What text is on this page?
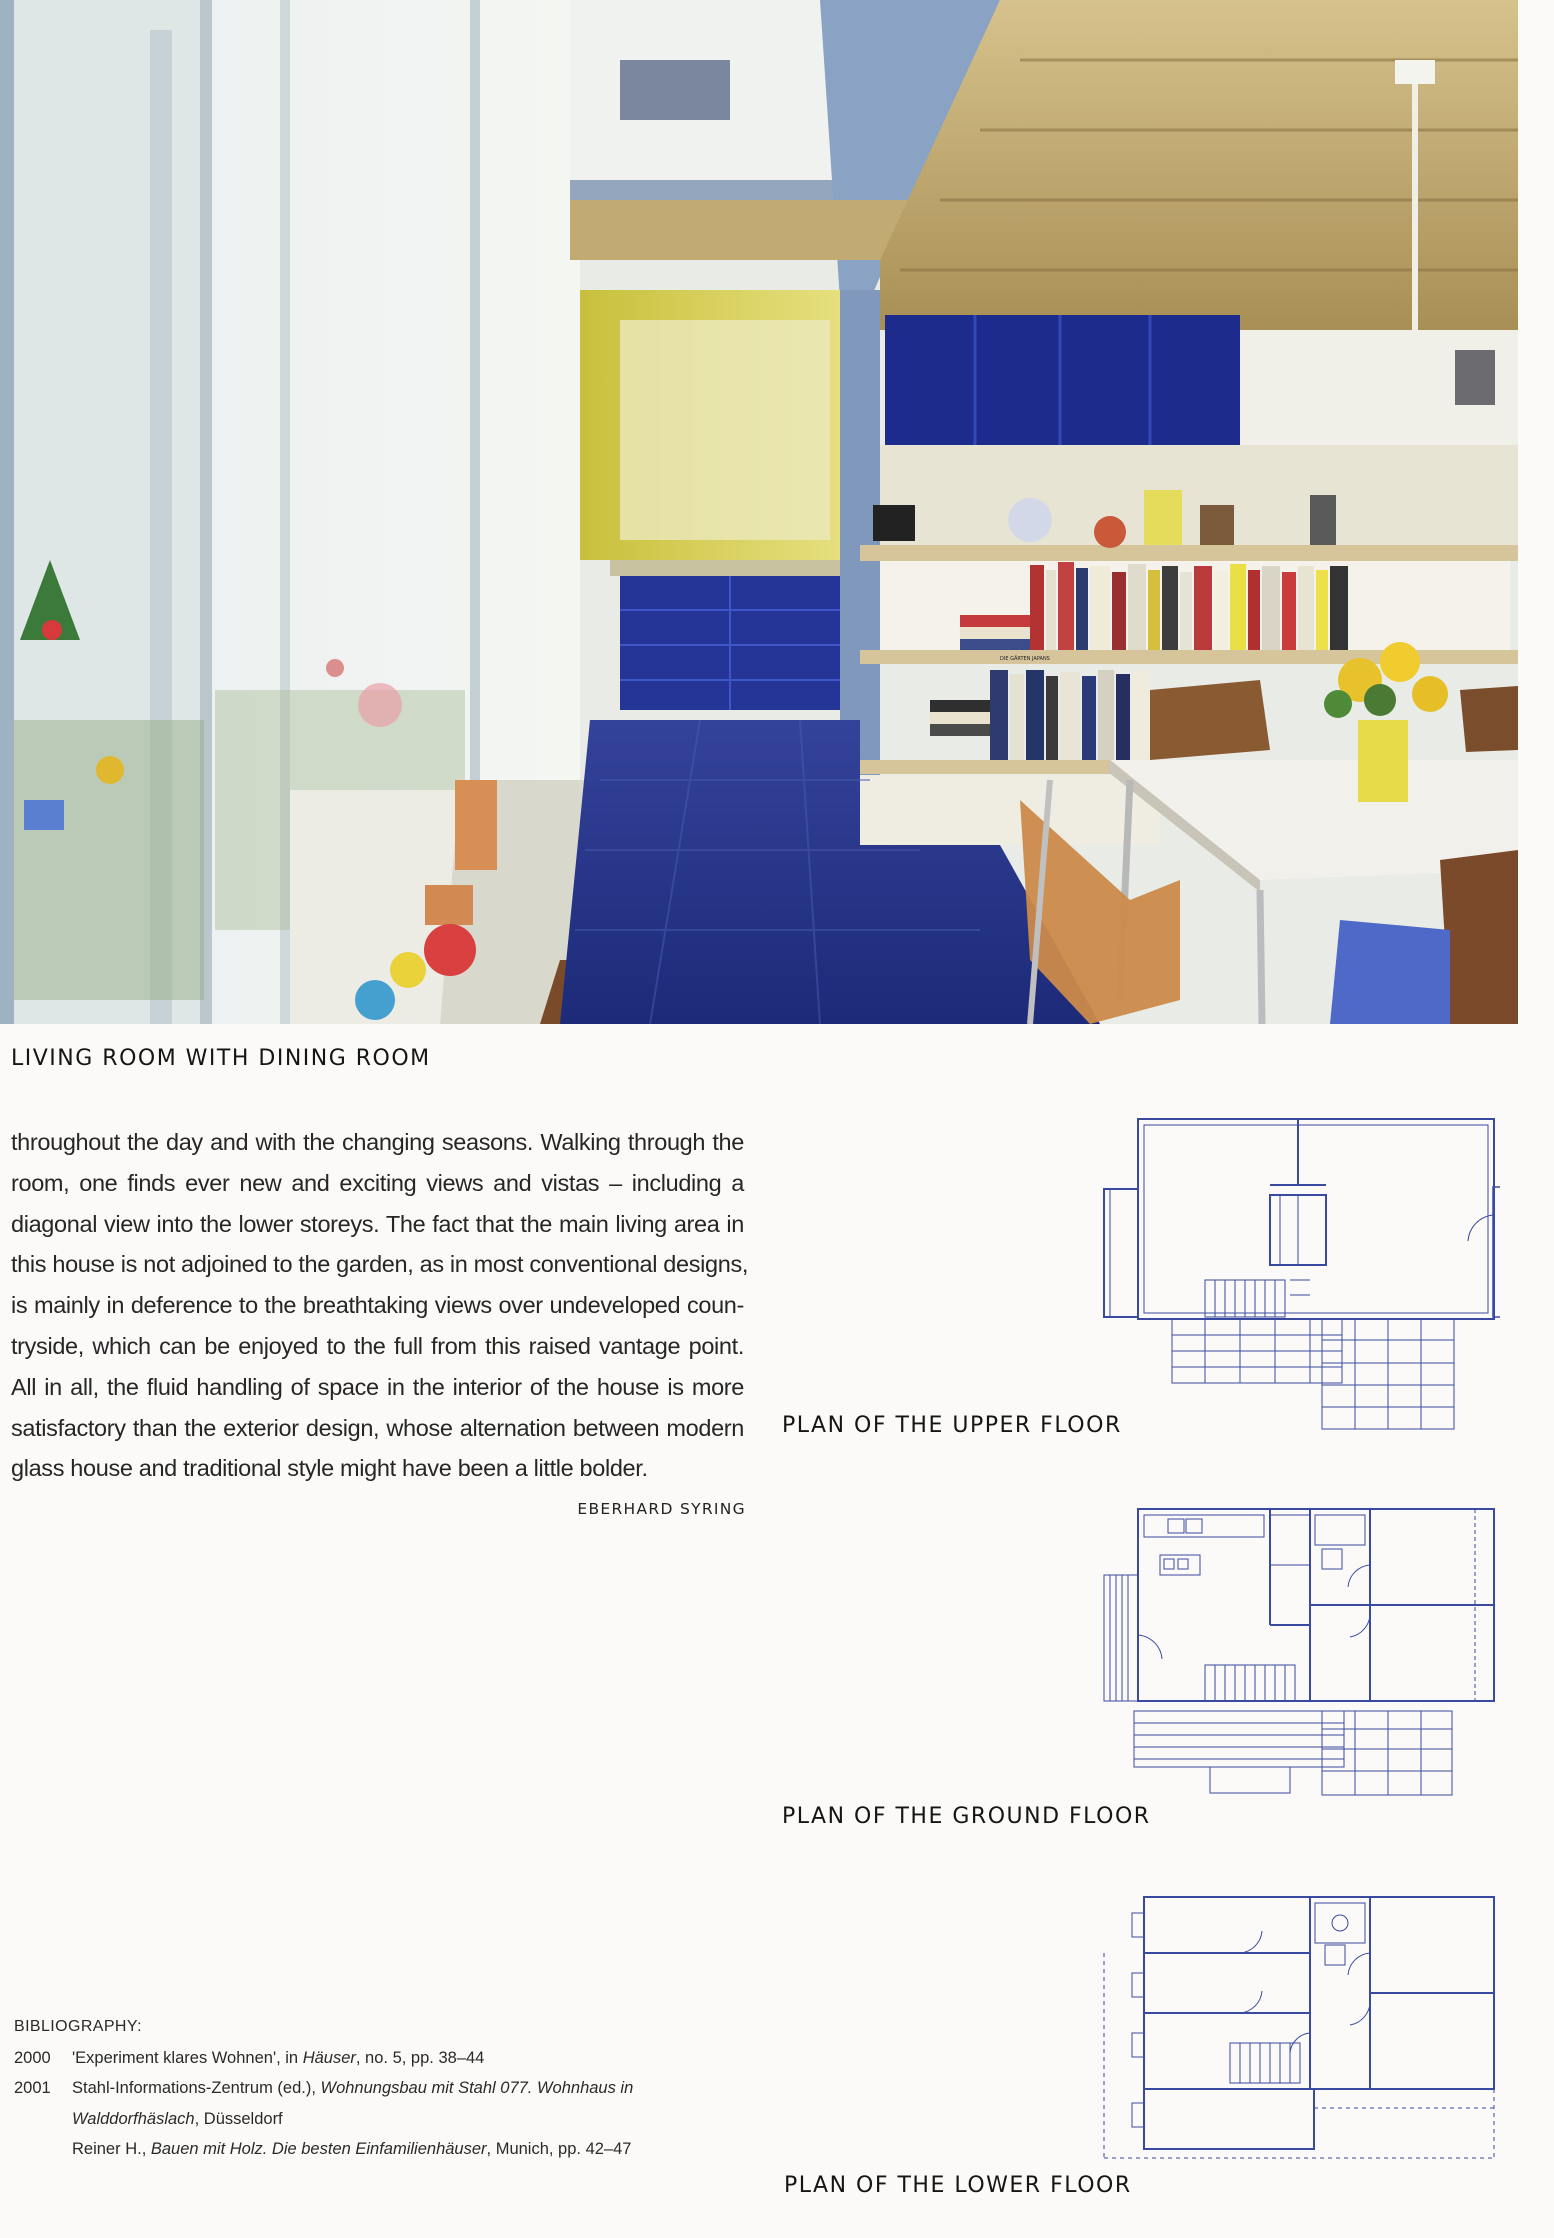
DIE GÄRTEN JAPANS
LIVING ROOM WITH DINING ROOM
throughout the day and with the changing seasons. Walking through the
room, one finds ever new and exciting views and vistas – including a
diagonal view into the lower storeys. The fact that the main living area in
this house is not adjoined to the garden, as in most conventional designs,
is mainly in deference to the breathtaking views over undeveloped coun-
tryside, which can be enjoyed to the full from this raised vantage point.
All in all, the fluid handling of space in the interior of the house is more
satisfactory than the exterior design, whose alternation between modern
glass house and traditional style might have been a little bolder.
EBERHARD SYRING
PLAN OF THE UPPER FLOOR
PLAN OF THE GROUND FLOOR
PLAN OF THE LOWER FLOOR
BIBLIOGRAPHY:
2000	'Experiment klares Wohnen', in Häuser, no. 5, pp. 38–44
2001	Stahl-Informations-Zentrum (ed.), Wohnungsbau mit Stahl 077. Wohnhaus in Walddorfhäslach, Düsseldorf
Reiner H., Bauen mit Holz. Die besten Einfamilienhäuser, Munich, pp. 42–47
